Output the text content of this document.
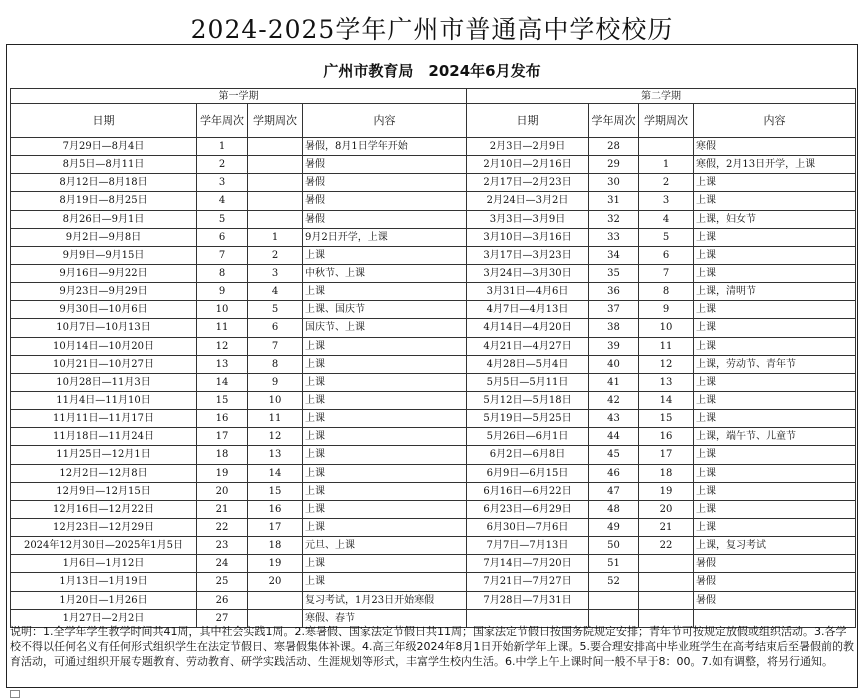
2024-2025学年广州市普通高中学校校历
广州市教育局　2024年6月发布
第一学期				第二学期			
日期	学年周次	学期周次	内容	日期	学年周次	学期周次	内容
7月29日—8月4日	1		暑假，8月1日学年开始	2月3日—2月9日	28		寒假
8月5日—8月11日	2		暑假	2月10日—2月16日	29	1	寒假，2月13日开学，上课
8月12日—8月18日	3		暑假	2月17日—2月23日	30	2	上课
8月19日—8月25日	4		暑假	2月24日—3月2日	31	3	上课
8月26日—9月1日	5		暑假	3月3日—3月9日	32	4	上课，妇女节
9月2日—9月8日	6	1	9月2日开学，上课	3月10日—3月16日	33	5	上课
9月9日—9月15日	7	2	上课	3月17日—3月23日	34	6	上课
9月16日—9月22日	8	3	中秋节、上课	3月24日—3月30日	35	7	上课
9月23日—9月29日	9	4	上课	3月31日—4月6日	36	8	上课，清明节
9月30日—10月6日	10	5	上课、国庆节	4月7日—4月13日	37	9	上课
10月7日—10月13日	11	6	国庆节、上课	4月14日—4月20日	38	10	上课
10月14日—10月20日	12	7	上课	4月21日—4月27日	39	11	上课
10月21日—10月27日	13	8	上课	4月28日—5月4日	40	12	上课，劳动节、青年节
10月28日—11月3日	14	9	上课	5月5日—5月11日	41	13	上课
11月4日—11月10日	15	10	上课	5月12日—5月18日	42	14	上课
11月11日—11月17日	16	11	上课	5月19日—5月25日	43	15	上课
11月18日—11月24日	17	12	上课	5月26日—6月1日	44	16	上课，端午节、儿童节
11月25日—12月1日	18	13	上课	6月2日—6月8日	45	17	上课
12月2日—12月8日	19	14	上课	6月9日—6月15日	46	18	上课
12月9日—12月15日	20	15	上课	6月16日—6月22日	47	19	上课
12月16日—12月22日	21	16	上课	6月23日—6月29日	48	20	上课
12月23日—12月29日	22	17	上课	6月30日—7月6日	49	21	上课
2024年12月30日—2025年1月5日	23	18	元旦、上课	7月7日—7月13日	50	22	上课，复习考试
1月6日—1月12日	24	19	上课	7月14日—7月20日	51		暑假
1月13日—1月19日	25	20	上课	7月21日—7月27日	52		暑假
1月20日—1月26日	26		复习考试，1月23日开始寒假	7月28日—7月31日			暑假
1月27日—2月2日	27		寒假、春节				
说明：1.全学年学生教学时间共41周，其中社会实践1周。2.寒暑假、国家法定节假日共11周；国家法定节假日按国务院规定安排；青年节可按规定放假或组织活动。3.各学校不得以任何名义有任何形式组织学生在法定节假日、寒暑假集体补课。4.高三年级2024年8月1日开始新学年上课。5.要合理安排高中毕业班学生在高考结束后至暑假前的教育活动，可通过组织开展专题教育、劳动教育、研学实践活动、生涯规划等形式，丰富学生校内生活。6.中学上午上课时间一般不早于8：00。7.如有调整，将另行通知。
